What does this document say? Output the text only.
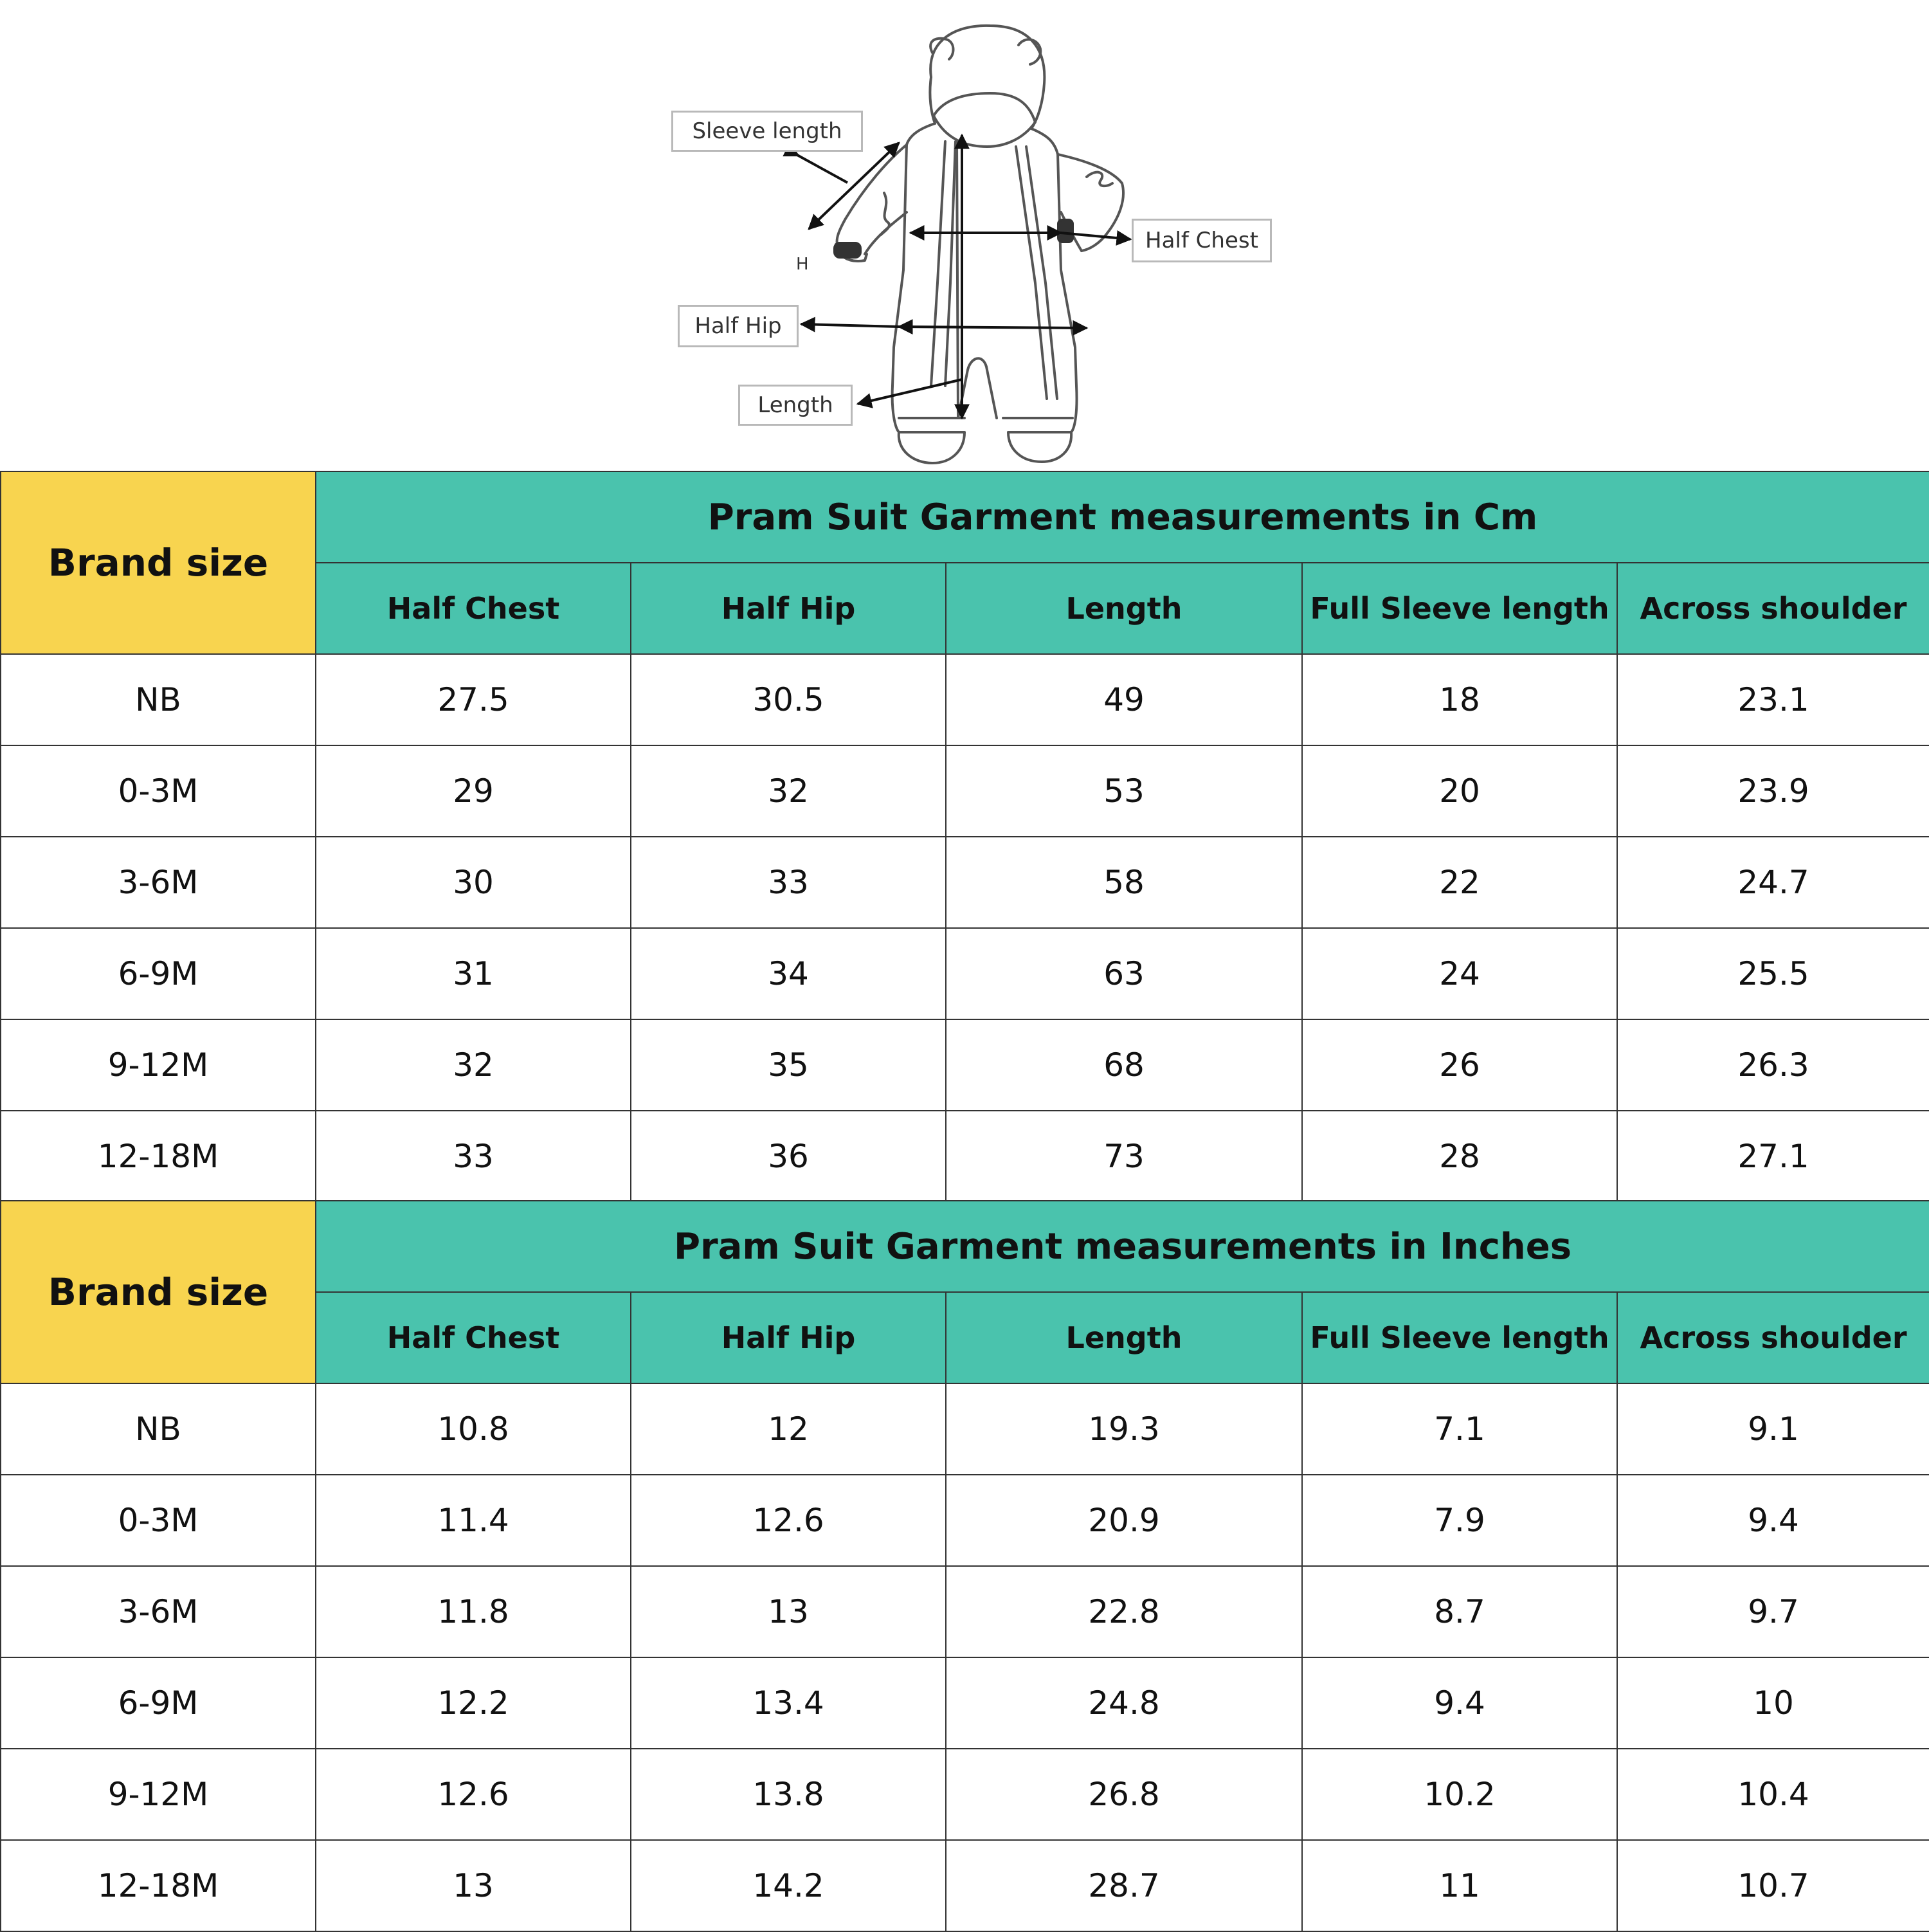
Sleeve length
Half Chest
Half Hip
Length
H
Brand size	Pram Suit Garment measurements in Cm				
	Half Chest	Half Hip	Length	Full Sleeve length	Across shoulder
NB	27.5	30.5	49	18	23.1
0-3M	29	32	53	20	23.9
3-6M	30	33	58	22	24.7
6-9M	31	34	63	24	25.5
9-12M	32	35	68	26	26.3
12-18M	33	36	73	28	27.1
Brand size	Pram Suit Garment measurements in Inches				
	Half Chest	Half Hip	Length	Full Sleeve length	Across shoulder
NB	10.8	12	19.3	7.1	9.1
0-3M	11.4	12.6	20.9	7.9	9.4
3-6M	11.8	13	22.8	8.7	9.7
6-9M	12.2	13.4	24.8	9.4	10
9-12M	12.6	13.8	26.8	10.2	10.4
12-18M	13	14.2	28.7	11	10.7
